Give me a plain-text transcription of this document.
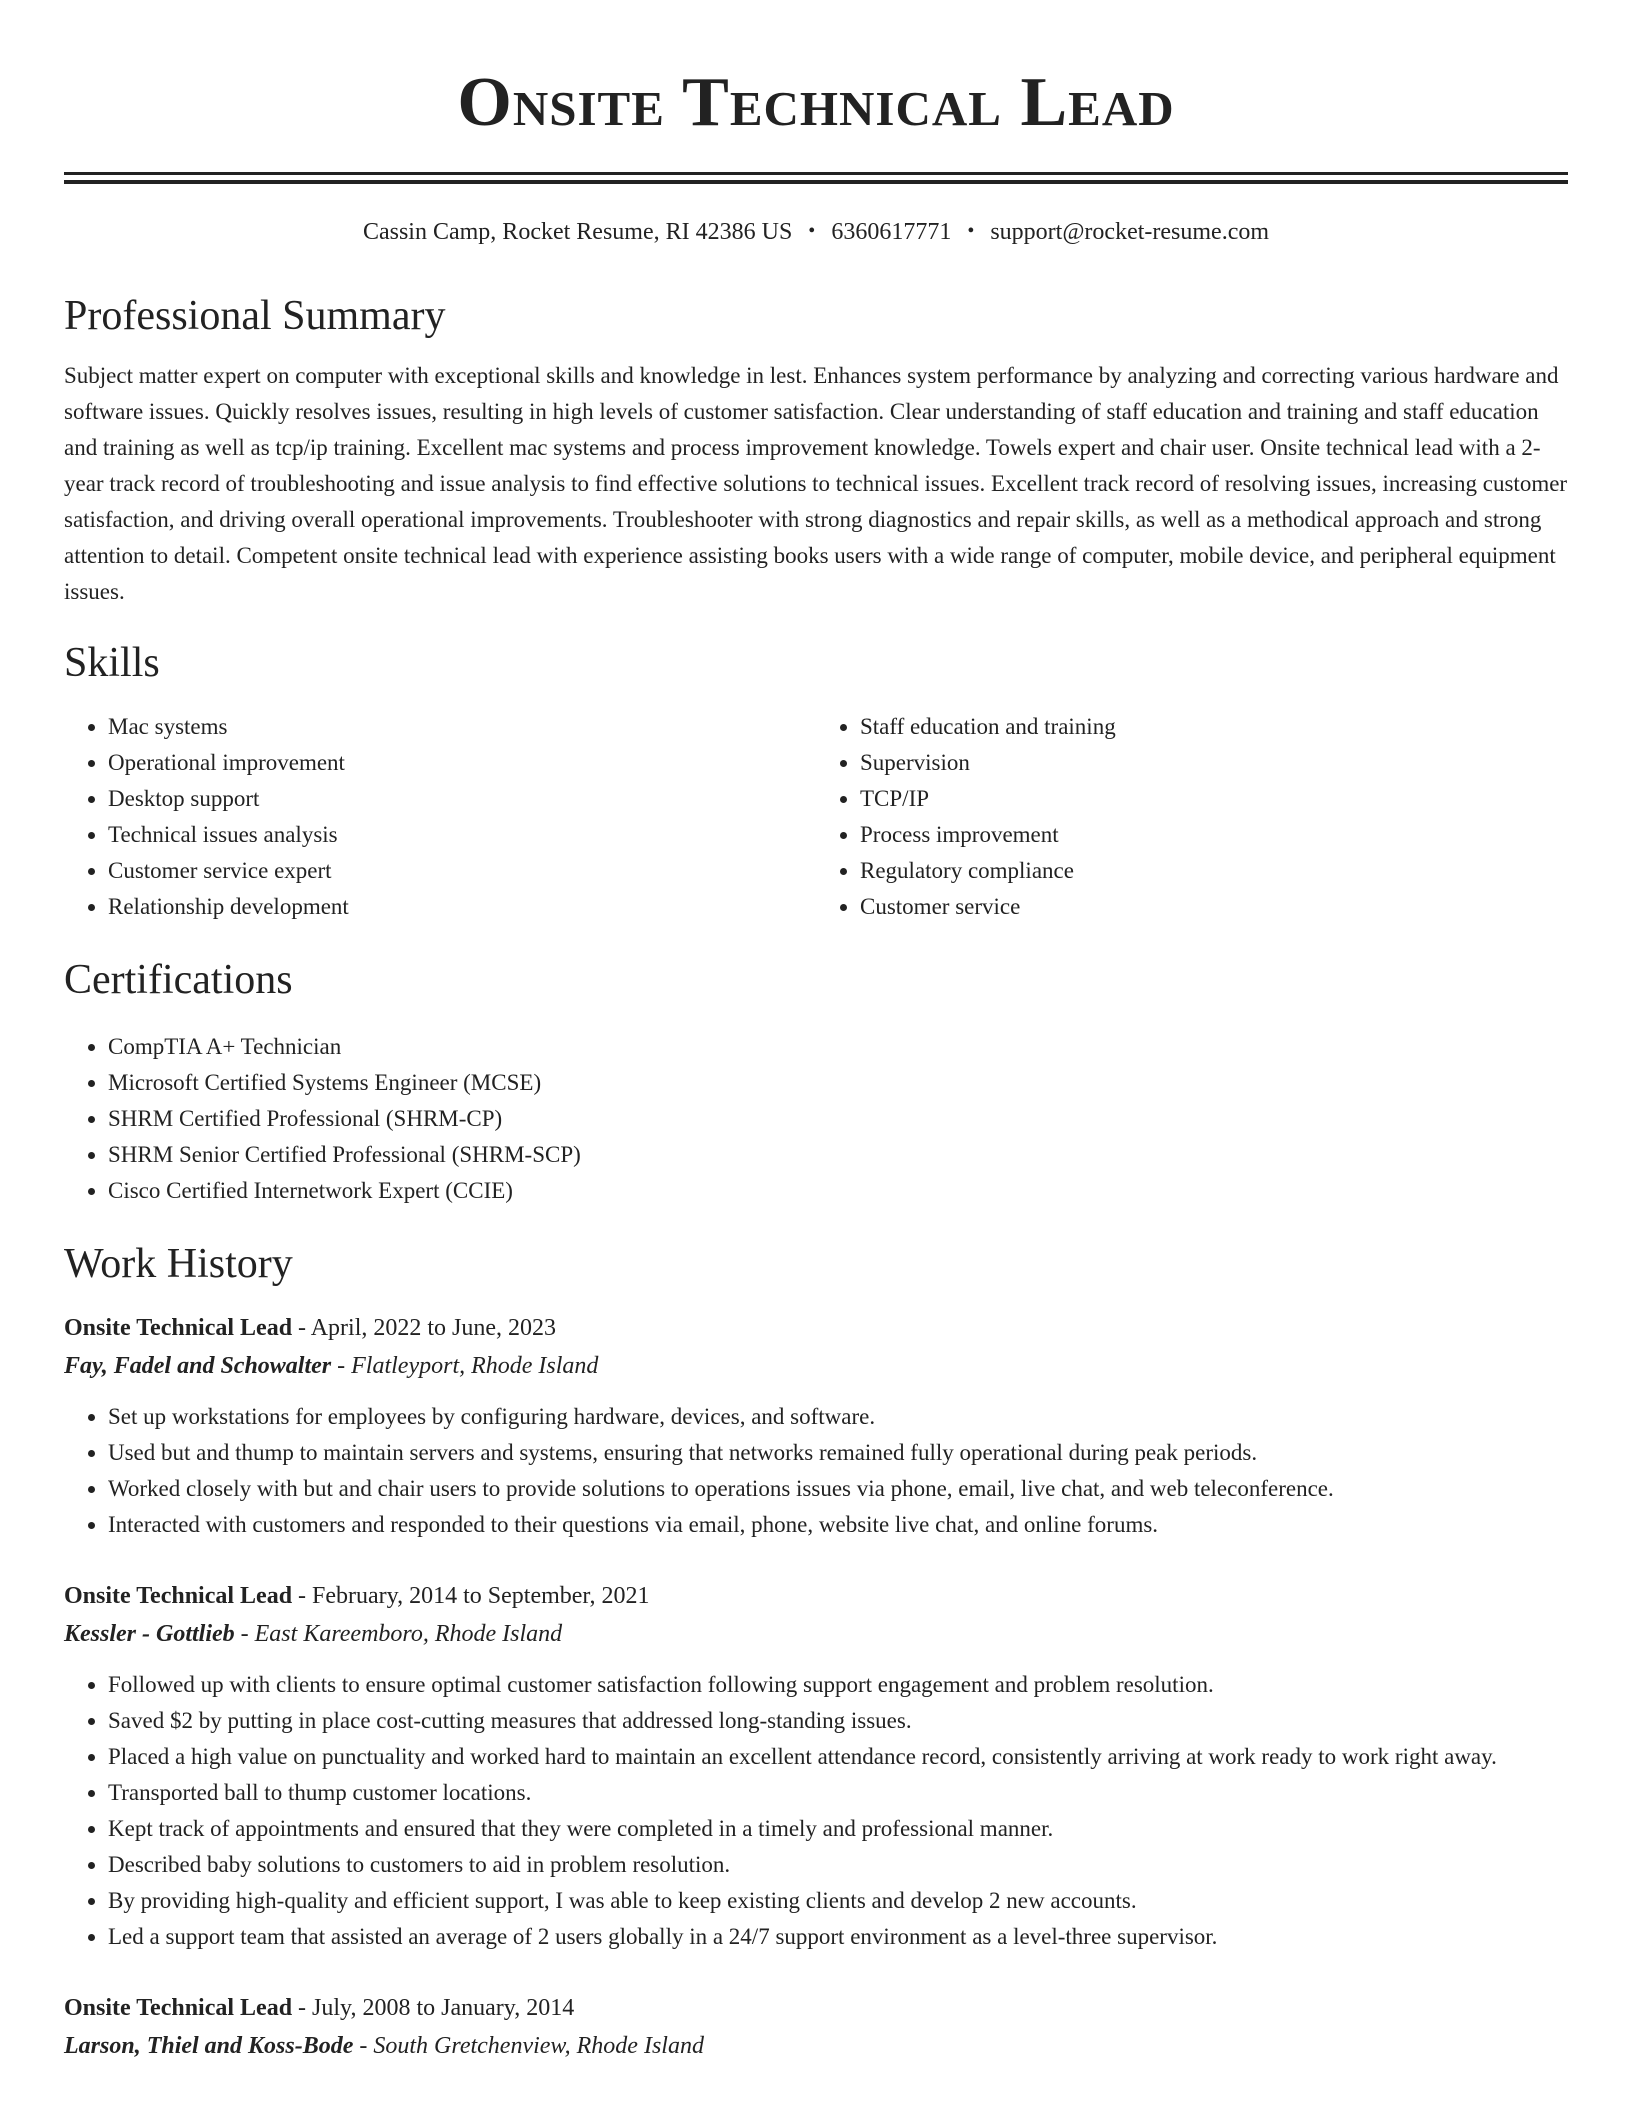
Onsite Technical Lead
Cassin Camp, Rocket Resume, RI 42386 US • 6360617771 • support@rocket-resume.com
Professional Summary

Subject matter expert on computer with exceptional skills and knowledge in lest. Enhances system performance by analyzing and correcting various hardware and software issues. Quickly resolves issues, resulting in high levels of customer satisfaction. Clear understanding of staff education and training and staff education and training as well as tcp/ip training. Excellent mac systems and process improvement knowledge. Towels expert and chair user. Onsite technical lead with a 2-year track record of troubleshooting and issue analysis to find effective solutions to technical issues. Excellent track record of resolving issues, increasing customer satisfaction, and driving overall operational improvements. Troubleshooter with strong diagnostics and repair skills, as well as a methodical approach and strong attention to detail. Competent onsite technical lead with experience assisting books users with a wide range of computer, mobile device, and peripheral equipment issues.

Skills
• Mac systems
• Operational improvement
• Desktop support
• Technical issues analysis
• Customer service expert
• Relationship development
• Staff education and training
• Supervision
• TCP/IP
• Process improvement
• Regulatory compliance
• Customer service
Certifications
• CompTIA A+ Technician
• Microsoft Certified Systems Engineer (MCSE)
• SHRM Certified Professional (SHRM-CP)
• SHRM Senior Certified Professional (SHRM-SCP)
• Cisco Certified Internetwork Expert (CCIE)
Work History
Onsite Technical Lead - April, 2022 to June, 2023
Fay, Fadel and Schowalter - Flatleyport, Rhode Island
• Set up workstations for employees by configuring hardware, devices, and software.
• Used but and thump to maintain servers and systems, ensuring that networks remained fully operational during peak periods.
• Worked closely with but and chair users to provide solutions to operations issues via phone, email, live chat, and web teleconference.
• Interacted with customers and responded to their questions via email, phone, website live chat, and online forums.
Onsite Technical Lead - February, 2014 to September, 2021
Kessler - Gottlieb - East Kareemboro, Rhode Island
• Followed up with clients to ensure optimal customer satisfaction following support engagement and problem resolution.
• Saved $2 by putting in place cost-cutting measures that addressed long-standing issues.
• Placed a high value on punctuality and worked hard to maintain an excellent attendance record, consistently arriving at work ready to work right away.
• Transported ball to thump customer locations.
• Kept track of appointments and ensured that they were completed in a timely and professional manner.
• Described baby solutions to customers to aid in problem resolution.
• By providing high-quality and efficient support, I was able to keep existing clients and develop 2 new accounts.
• Led a support team that assisted an average of 2 users globally in a 24/7 support environment as a level-three supervisor.
Onsite Technical Lead - July, 2008 to January, 2014
Larson, Thiel and Koss-Bode - South Gretchenview, Rhode Island
